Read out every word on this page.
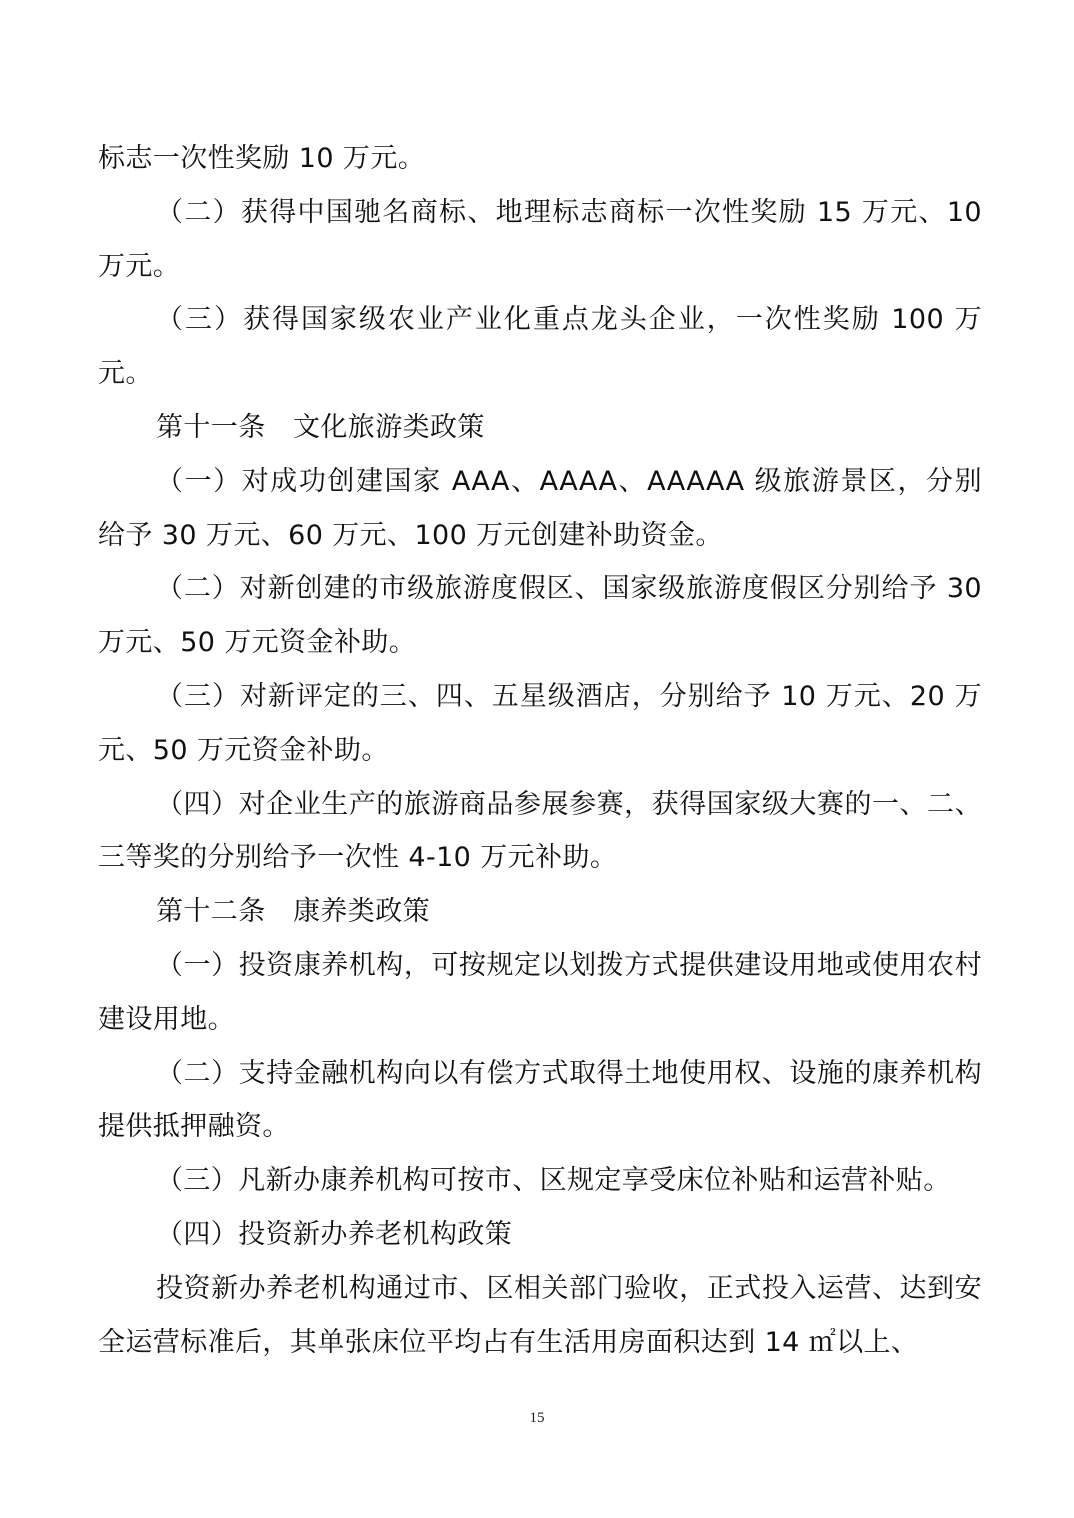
标志一次性奖励 10 万元。

（二）获得中国驰名商标、地理标志商标一次性奖励 15 万元、10 万元。

（三）获得国家级农业产业化重点龙头企业，一次性奖励 100 万元。

第十一条　文化旅游类政策

（一）对成功创建国家 AAA、AAAA、AAAAA 级旅游景区，分别给予 30 万元、60 万元、100 万元创建补助资金。

（二）对新创建的市级旅游度假区、国家级旅游度假区分别给予 30 万元、50 万元资金补助。

（三）对新评定的三、四、五星级酒店，分别给予 10 万元、20 万元、50 万元资金补助。

（四）对企业生产的旅游商品参展参赛，获得国家级大赛的一、二、三等奖的分别给予一次性 4-10 万元补助。

第十二条　康养类政策

（一）投资康养机构，可按规定以划拨方式提供建设用地或使用农村建设用地。

（二）支持金融机构向以有偿方式取得土地使用权、设施的康养机构提供抵押融资。

（三）凡新办康养机构可按市、区规定享受床位补贴和运营补贴。

（四）投资新办养老机构政策

投资新办养老机构通过市、区相关部门验收，正式投入运营、达到安全运营标准后，其单张床位平均占有生活用房面积达到 14 ㎡以上、

15
